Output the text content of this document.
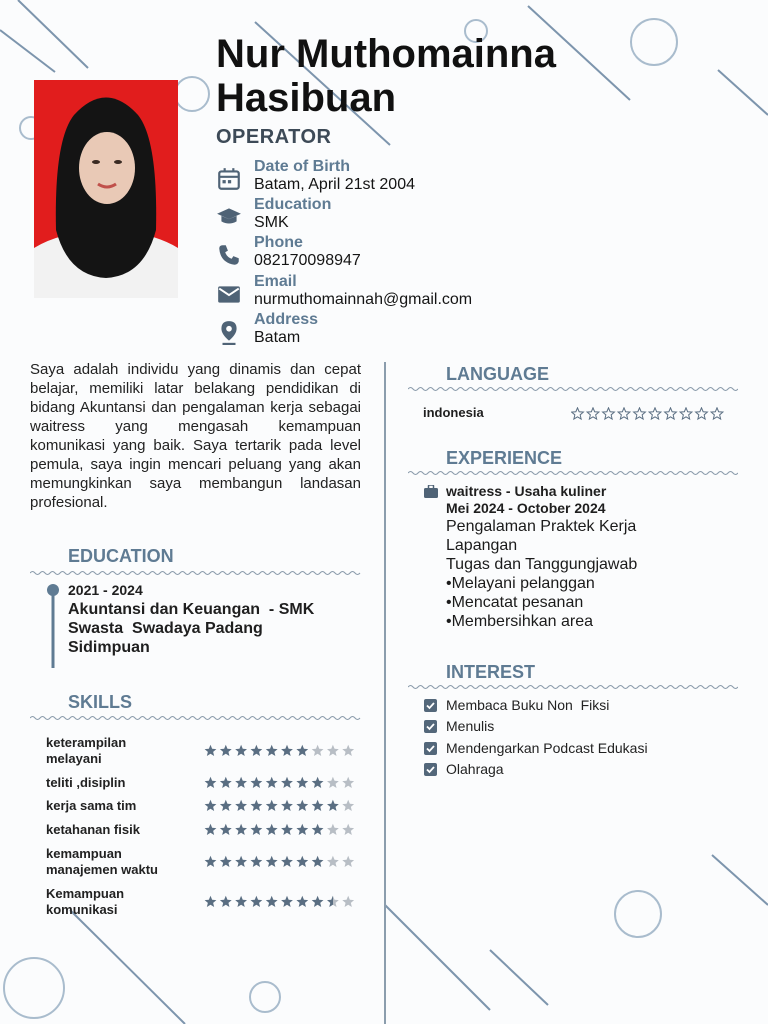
Nur Muthomainna
Hasibuan
OPERATOR
Date of Birth
Batam, April 21st 2004
Education
SMK
Phone
082170098947
Email
nurmuthomainnah@gmail.com
Address
Batam
Saya adalah individu yang dinamis dan cepat belajar, memiliki latar belakang pendidikan di bidang Akuntansi dan pengalaman kerja sebagai waitress yang mengasah kemampuan komunikasi yang baik. Saya tertarik pada level pemula, saya ingin mencari peluang yang akan memungkinkan saya membangun landasan profesional.
EDUCATION
2021 - 2024
Akuntansi dan Keuangan  - SMK
Swasta  Swadaya Padang
Sidimpuan
SKILLS
keterampilan
melayani
teliti ,disiplin
kerja sama tim
ketahanan fisik
kemampuan
manajemen waktu
Kemampuan
komunikasi
LANGUAGE
indonesia
EXPERIENCE
waitress - Usaha kuliner
Mei 2024 - October 2024
Pengalaman Praktek Kerja
Lapangan
Tugas dan Tanggungjawab
•Melayani pelanggan
•Mencatat pesanan
•Membersihkan area
INTEREST
Membaca Buku Non  Fiksi
Menulis
Mendengarkan Podcast Edukasi
Olahraga
